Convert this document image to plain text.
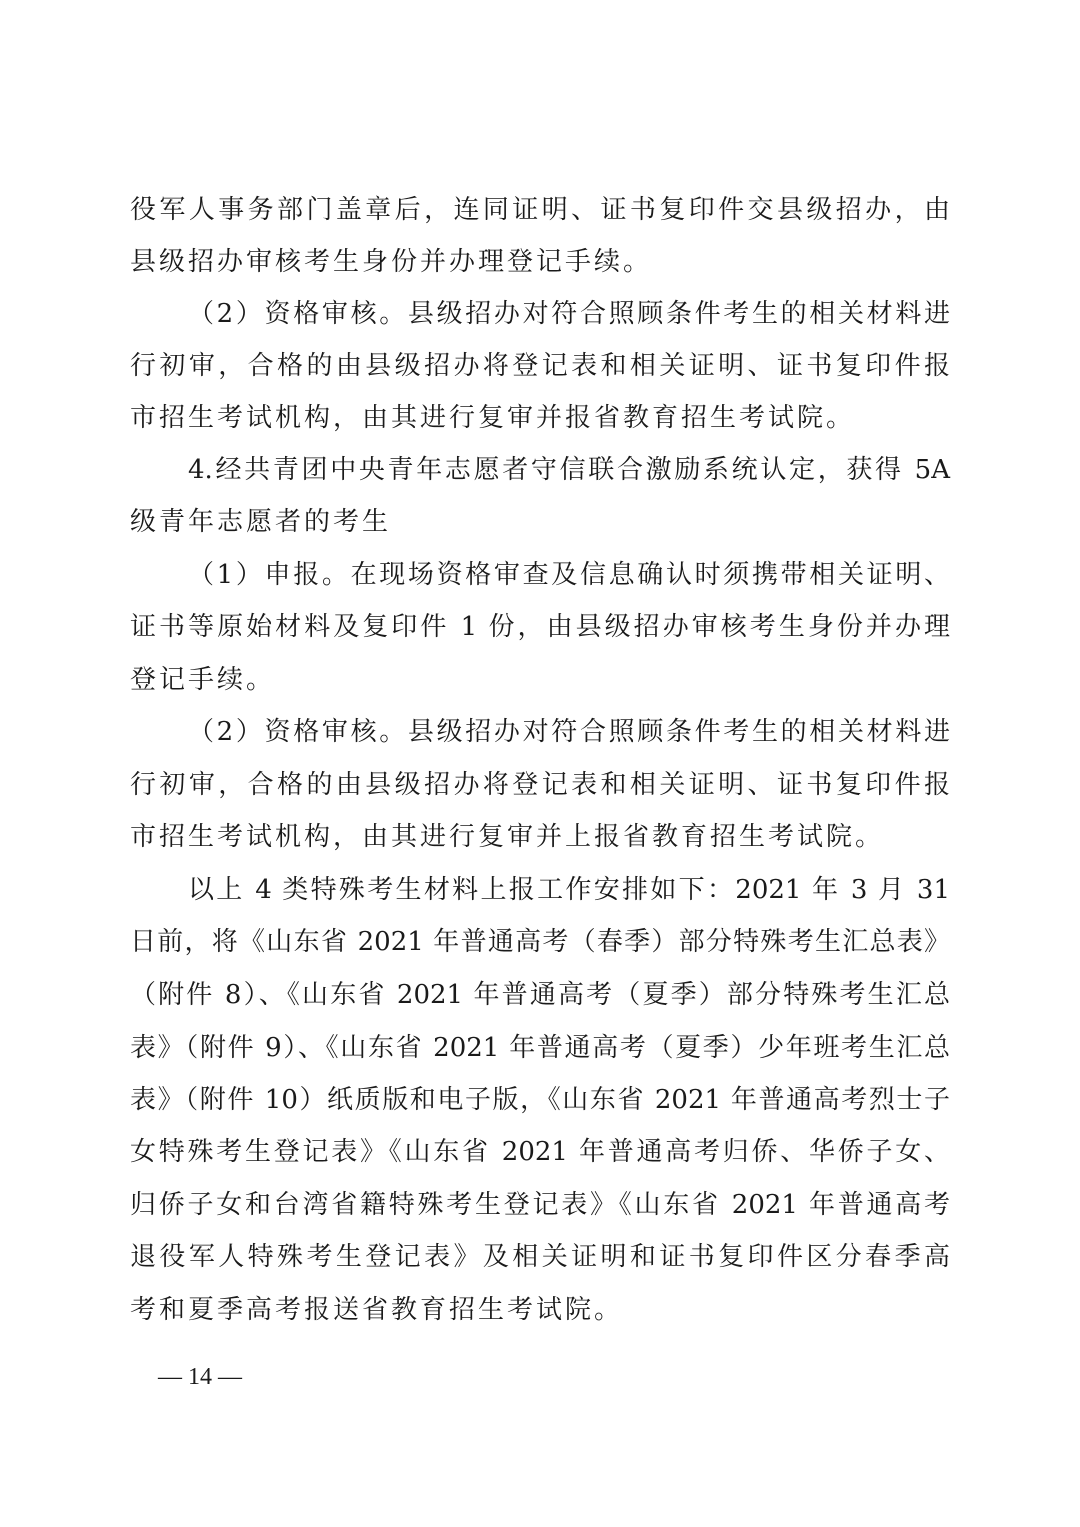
役军人事务部门盖章后，连同证明、证书复印件交县级招办，由
县级招办审核考生身份并办理登记手续。
（2）资格审核。县级招办对符合照顾条件考生的相关材料进
行初审，合格的由县级招办将登记表和相关证明、证书复印件报
市招生考试机构，由其进行复审并报省教育招生考试院。
4.经共青团中央青年志愿者守信联合激励系统认定，获得 5A
级青年志愿者的考生
（1）申报。在现场资格审查及信息确认时须携带相关证明、
证书等原始材料及复印件 1 份，由县级招办审核考生身份并办理
登记手续。
（2）资格审核。县级招办对符合照顾条件考生的相关材料进
行初审，合格的由县级招办将登记表和相关证明、证书复印件报
市招生考试机构，由其进行复审并上报省教育招生考试院。
以上 4 类特殊考生材料上报工作安排如下：2021 年 3 月 31
日前，将《山东省 2021 年普通高考（春季）部分特殊考生汇总表》
（附件 8）、《山东省 2021 年普通高考（夏季）部分特殊考生汇总
表》（附件 9）、《山东省 2021 年普通高考（夏季）少年班考生汇总
表》（附件 10）纸质版和电子版，《山东省 2021 年普通高考烈士子
女特殊考生登记表》《山东省 2021 年普通高考归侨、华侨子女、
归侨子女和台湾省籍特殊考生登记表》《山东省 2021 年普通高考
退役军人特殊考生登记表》及相关证明和证书复印件区分春季高
考和夏季高考报送省教育招生考试院。
— 14 —
